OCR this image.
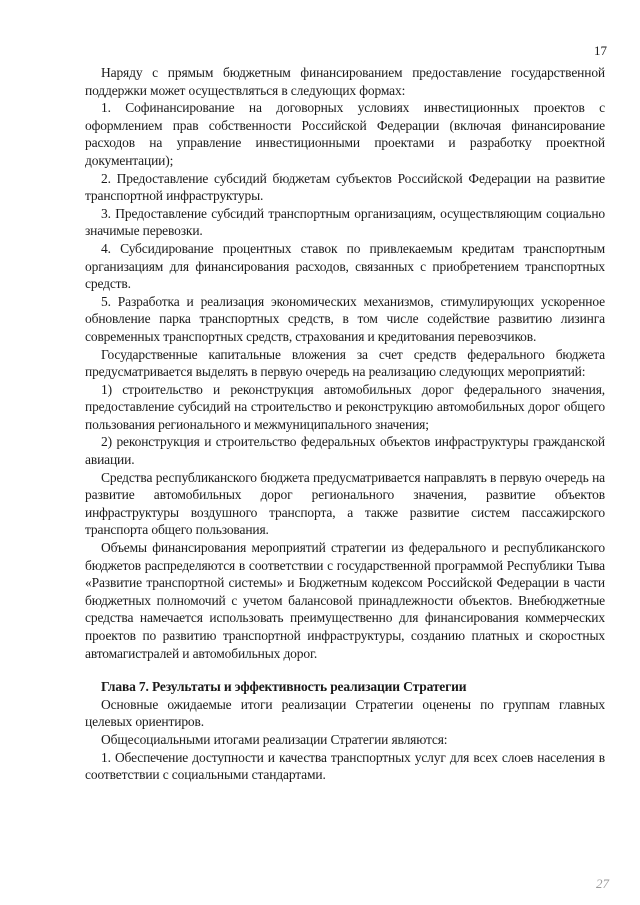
17

Наряду с прямым бюджетным финансированием предоставление государственной поддержки может осуществляться в следующих формах:

1. Софинансирование на договорных условиях инвестиционных проектов с оформлением прав собственности Российской Федерации (включая финансирование расходов на управление инвестиционными проектами и разработку проектной документации);

2. Предоставление субсидий бюджетам субъектов Российской Федерации на развитие транспортной инфраструктуры.

3. Предоставление субсидий транспортным организациям, осуществляющим социально значимые перевозки.

4. Субсидирование процентных ставок по привлекаемым кредитам транспортным организациям для финансирования расходов, связанных с приобретением транспортных средств.

5. Разработка и реализация экономических механизмов, стимулирующих ускоренное обновление парка транспортных средств, в том числе содействие развитию лизинга современных транспортных средств, страхования и кредитования перевозчиков.

Государственные капитальные вложения за счет средств федерального бюджета предусматривается выделять в первую очередь на реализацию следующих мероприятий:

1) строительство и реконструкция автомобильных дорог федерального значения, предоставление субсидий на строительство и реконструкцию автомобильных дорог общего пользования регионального и межмуниципального значения;

2) реконструкция и строительство федеральных объектов инфраструктуры гражданской авиации.

Средства республиканского бюджета предусматривается направлять в первую очередь на развитие автомобильных дорог регионального значения, развитие объектов инфраструктуры воздушного транспорта, а также развитие систем пассажирского транспорта общего пользования.

Объемы финансирования мероприятий стратегии из федерального и республиканского бюджетов распределяются в соответствии с государственной программой Республики Тыва «Развитие транспортной системы» и Бюджетным кодексом Российской Федерации в части бюджетных полномочий с учетом балансовой принадлежности объектов. Внебюджетные средства намечается использовать преимущественно для финансирования коммерческих проектов по развитию транспортной инфраструктуры, созданию платных и скоростных автомагистралей и автомобильных дорог.

Глава 7. Результаты и эффективность реализации Стратегии

Основные ожидаемые итоги реализации Стратегии оценены по группам главных целевых ориентиров.

Общесоциальными итогами реализации Стратегии являются:

1. Обеспечение доступности и качества транспортных услуг для всех слоев населения в соответствии с социальными стандартами.

27
